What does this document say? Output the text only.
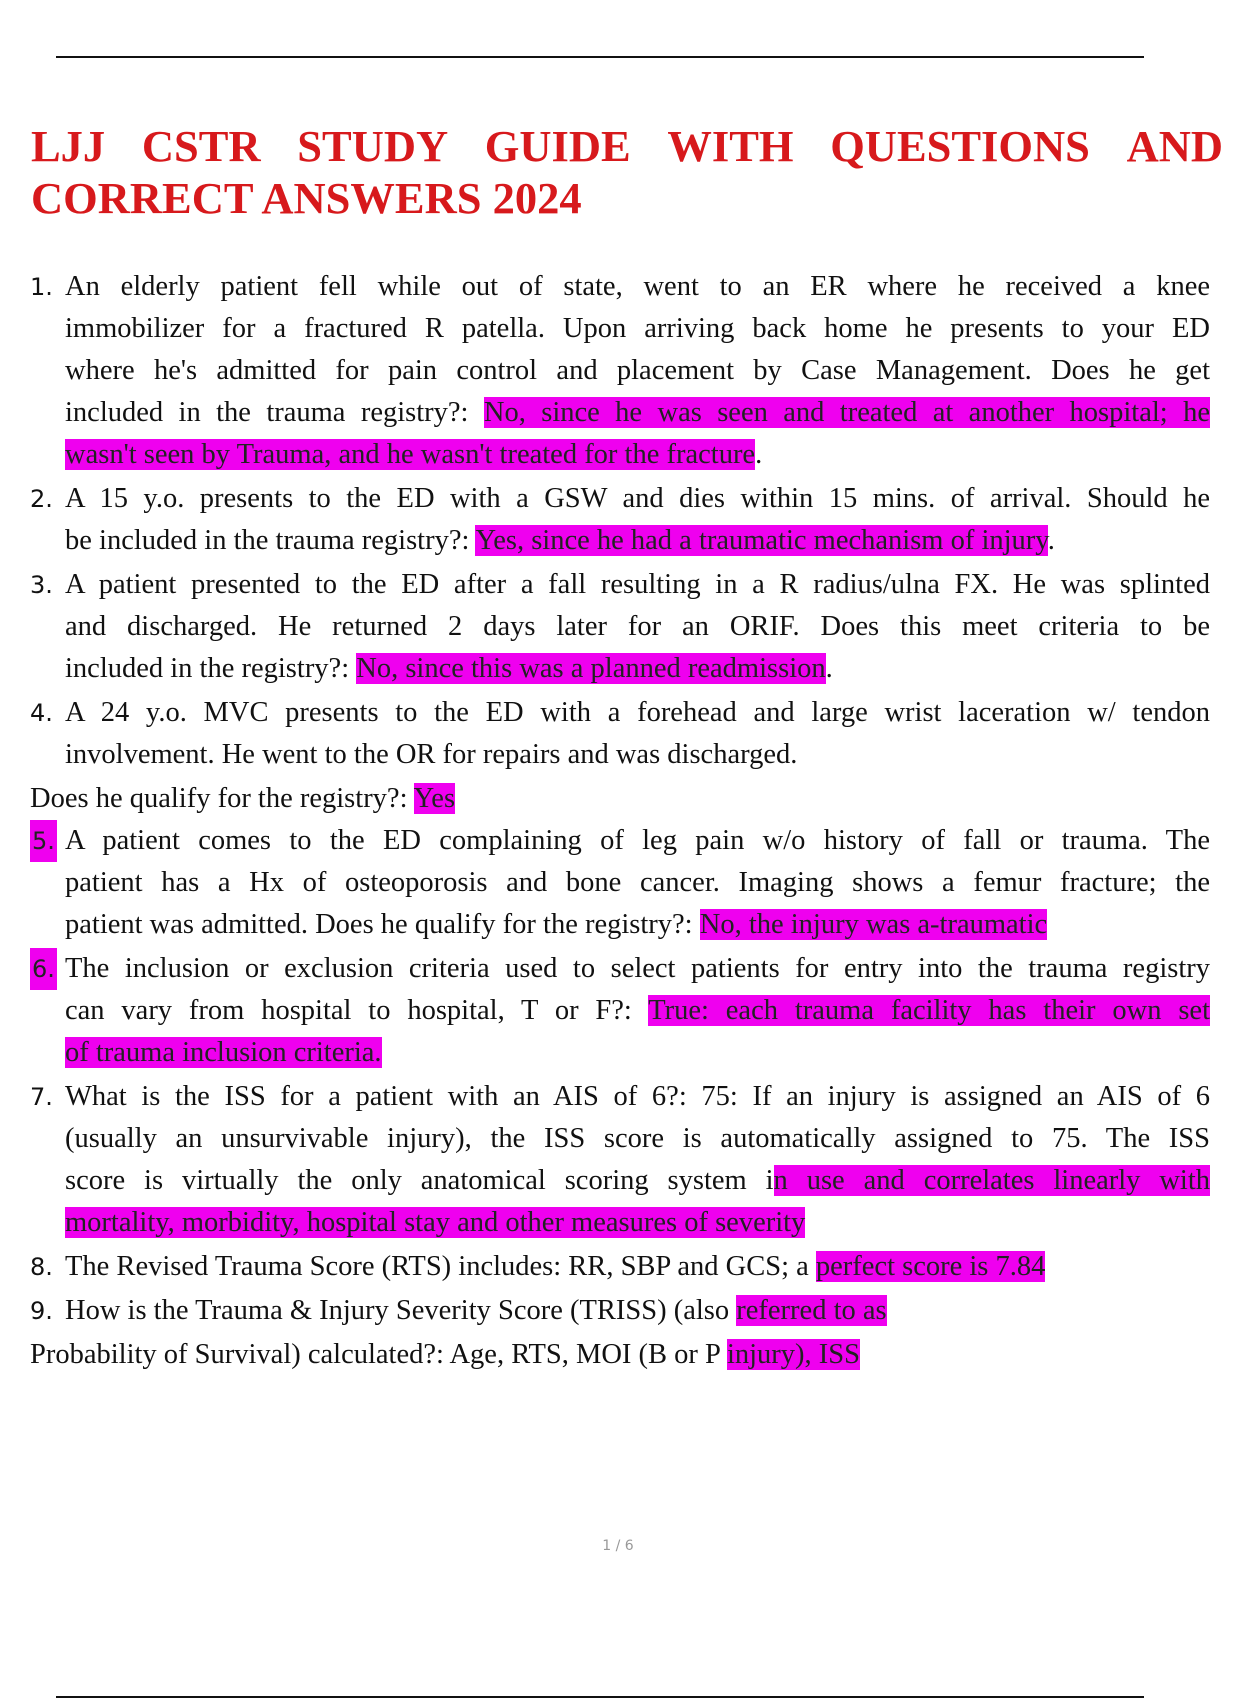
LJJ CSTR STUDY GUIDE WITH QUESTIONS AND
CORRECT ANSWERS 2024
1. An elderly patient fell while out of state, went to an ER where he received a knee
immobilizer for a fractured R patella. Upon arriving back home he presents to your ED
where he's admitted for pain control and placement by Case Management. Does he get
included in the trauma registry?: No, since he was seen and treated at another hospital; he
wasn't seen by Trauma, and he wasn't treated for the fracture.
2. A 15 y.o. presents to the ED with a GSW and dies within 15 mins. of arrival. Should he
be included in the trauma registry?: Yes, since he had a traumatic mechanism of injury.
3. A patient presented to the ED after a fall resulting in a R radius/ulna FX. He was splinted
and discharged. He returned 2 days later for an ORIF. Does this meet criteria to be
included in the registry?: No, since this was a planned readmission.
4. A 24 y.o. MVC presents to the ED with a forehead and large wrist laceration w/ tendon
involvement. He went to the OR for repairs and was discharged.
Does he qualify for the registry?: Yes
5. A patient comes to the ED complaining of leg pain w/o history of fall or trauma. The
patient has a Hx of osteoporosis and bone cancer. Imaging shows a femur fracture; the
patient was admitted. Does he qualify for the registry?: No, the injury was a-traumatic
6. The inclusion or exclusion criteria used to select patients for entry into the trauma registry
can vary from hospital to hospital, T or F?: True: each trauma facility has their own set
of trauma inclusion criteria.
7. What is the ISS for a patient with an AIS of 6?: 75: If an injury is assigned an AIS of 6
(usually an unsurvivable injury), the ISS score is automatically assigned to 75. The ISS
score is virtually the only anatomical scoring system in use and correlates linearly with
mortality, morbidity, hospital stay and other measures of severity
8. The Revised Trauma Score (RTS) includes: RR, SBP and GCS; a perfect score is 7.84
9. How is the Trauma & Injury Severity Score (TRISS) (also referred to as
Probability of Survival) calculated?: Age, RTS, MOI (B or P injury), ISS
1 / 6
